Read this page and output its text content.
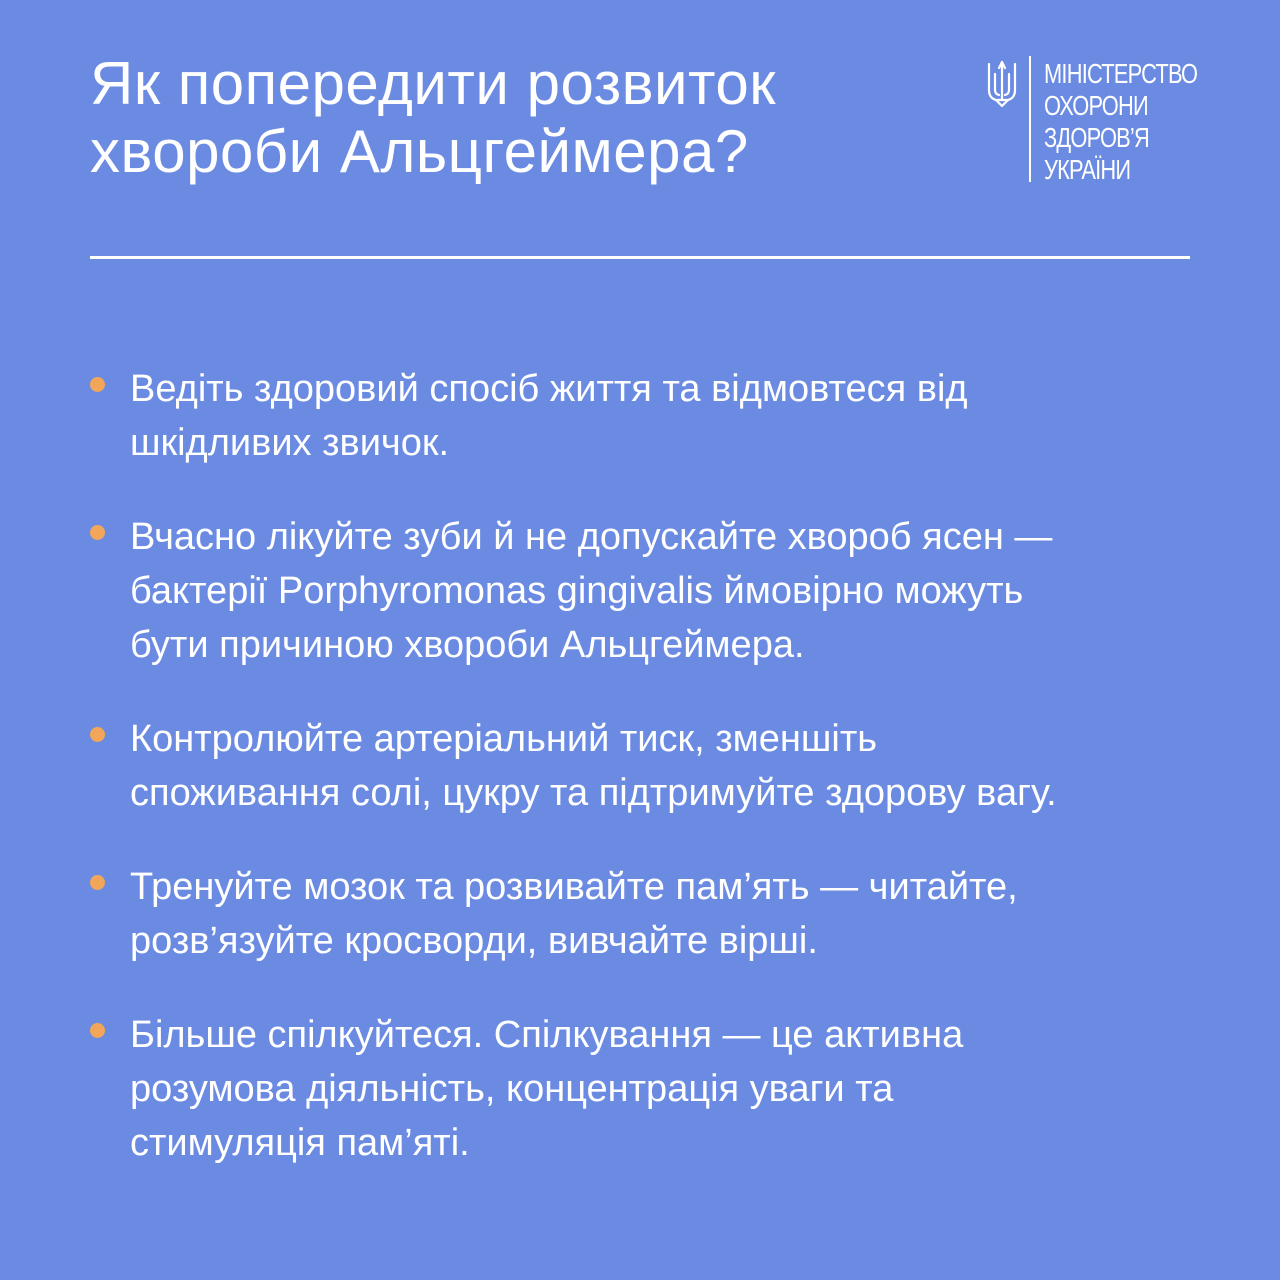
Як попередити розвиток
хвороби Альцгеймера?
МІНІСТЕРСТВО
ОХОРОНИ
ЗДОРОВ’Я
УКРАЇНИ
Ведіть здоровий спосіб життя та відмовтеся від
шкідливих звичок.
Вчасно лікуйте зуби й не допускайте хвороб ясен —
бактерії Porphyromonas gingivalis ймовірно можуть
бути причиною хвороби Альцгеймера.
Контролюйте артеріальний тиск, зменшіть
споживання солі, цукру та підтримуйте здорову вагу.
Тренуйте мозок та розвивайте пам’ять — читайте,
розв’язуйте кросворди, вивчайте вірші.
Більше спілкуйтеся. Спілкування — це активна
розумова діяльність, концентрація уваги та
стимуляція пам’яті.
